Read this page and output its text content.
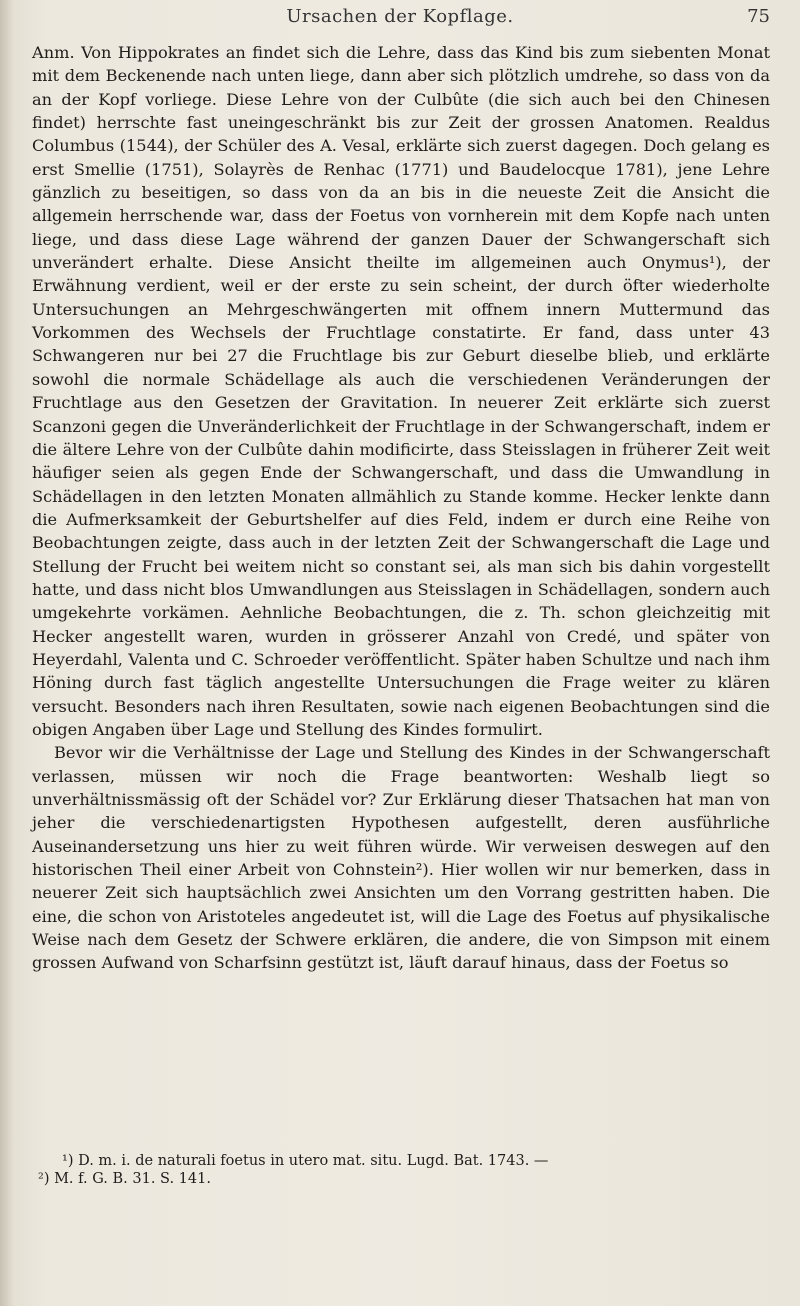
Ursachen der Kopflage.	75

Anm. Von Hippokrates an findet sich die Lehre, dass das Kind bis zum siebenten Monat mit dem Beckenende nach unten liege, dann aber sich plötzlich umdrehe, so dass von da an der Kopf vorliege. Diese Lehre von der Culbûte (die sich auch bei den Chinesen findet) herrschte fast uneingeschränkt bis zur Zeit der grossen Anatomen. Realdus Columbus (1544), der Schüler des A. Vesal, erklärte sich zuerst dagegen. Doch gelang es erst Smellie (1751), Solayrès de Renhac (1771) und Baudelocque 1781), jene Lehre gänzlich zu beseitigen, so dass von da an bis in die neueste Zeit die Ansicht die allgemein herrschende war, dass der Foetus von vornherein mit dem Kopfe nach unten liege, und dass diese Lage während der ganzen Dauer der Schwangerschaft sich unverändert erhalte. Diese Ansicht theilte im allgemeinen auch Onymus¹), der Erwähnung verdient, weil er der erste zu sein scheint, der durch öfter wiederholte Untersuchungen an Mehrgeschwängerten mit offnem innern Muttermund das Vorkommen des Wechsels der Fruchtlage constatirte. Er fand, dass unter 43 Schwangeren nur bei 27 die Fruchtlage bis zur Geburt dieselbe blieb, und erklärte sowohl die normale Schädellage als auch die verschiedenen Veränderungen der Fruchtlage aus den Gesetzen der Gravitation. In neuerer Zeit erklärte sich zuerst Scanzoni gegen die Unveränderlichkeit der Fruchtlage in der Schwangerschaft, indem er die ältere Lehre von der Culbûte dahin modificirte, dass Steisslagen in früherer Zeit weit häufiger seien als gegen Ende der Schwangerschaft, und dass die Umwandlung in Schädellagen in den letzten Monaten allmählich zu Stande komme. Hecker lenkte dann die Aufmerksamkeit der Geburtshelfer auf dies Feld, indem er durch eine Reihe von Beobachtungen zeigte, dass auch in der letzten Zeit der Schwangerschaft die Lage und Stellung der Frucht bei weitem nicht so constant sei, als man sich bis dahin vorgestellt hatte, und dass nicht blos Umwandlungen aus Steisslagen in Schädellagen, sondern auch umgekehrte vorkämen. Aehnliche Beobachtungen, die z. Th. schon gleichzeitig mit Hecker angestellt waren, wurden in grösserer Anzahl von Credé, und später von Heyerdahl, Valenta und C. Schroeder veröffentlicht. Später haben Schultze und nach ihm Höning durch fast täglich angestellte Untersuchungen die Frage weiter zu klären versucht. Besonders nach ihren Resultaten, sowie nach eigenen Beobachtungen sind die obigen Angaben über Lage und Stellung des Kindes formulirt.

Bevor wir die Verhältnisse der Lage und Stellung des Kindes in der Schwangerschaft verlassen, müssen wir noch die Frage beantworten: Weshalb liegt so unverhältnissmässig oft der Schädel vor? Zur Erklärung dieser Thatsachen hat man von jeher die verschiedenartigsten Hypothesen aufgestellt, deren ausführliche Auseinandersetzung uns hier zu weit führen würde. Wir verweisen deswegen auf den historischen Theil einer Arbeit von Cohnstein²). Hier wollen wir nur bemerken, dass in neuerer Zeit sich hauptsächlich zwei Ansichten um den Vorrang gestritten haben. Die eine, die schon von Aristoteles angedeutet ist, will die Lage des Foetus auf physikalische Weise nach dem Gesetz der Schwere erklären, die andere, die von Simpson mit einem grossen Aufwand von Scharfsinn gestützt ist, läuft darauf hinaus, dass der Foetus so

¹) D. m. i. de naturali foetus in utero mat. situ. Lugd. Bat. 1743. —

²) M. f. G. B. 31. S. 141.
